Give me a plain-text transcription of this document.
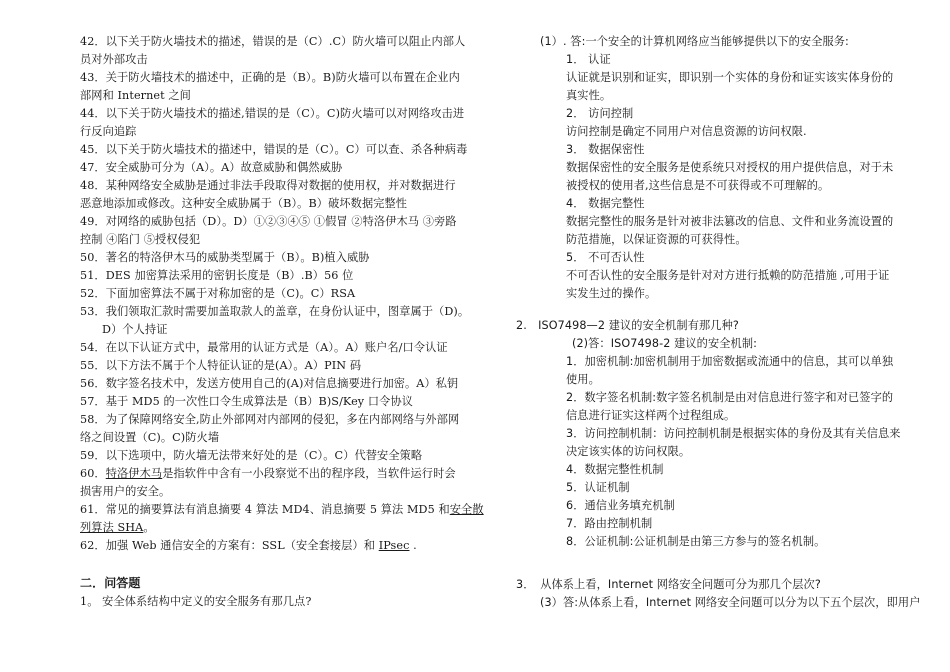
42．以下关于防火墙技术的描述，错误的是（C）.C）防火墙可以阻止内部人
员对外部攻击
43．关于防火墙技术的描述中，正确的是（B）。B)防火墙可以布置在企业内
部网和 Internet 之间
44．以下关于防火墙技术的描述,错误的是（C）。C)防火墙可以对网络攻击进
行反向追踪
45．以下关于防火墙技术的描述中，错误的是（C）。C）可以查、杀各种病毒
47．安全威胁可分为（A）。A）故意威胁和偶然威胁
48．某种网络安全威胁是通过非法手段取得对数据的使用权，并对数据进行
恶意地添加或修改。这种安全威胁属于（B）。B）破坏数据完整性
49．对网络的威胁包括（D）。D）①②③④⑤ ①假冒 ②特洛伊木马 ③旁路
控制 ④陷门 ⑤授权侵犯
50．著名的特洛伊木马的威胁类型属于（B）。B)植入威胁
51．DES 加密算法采用的密钥长度是（B）.B）56 位
52．下面加密算法不属于对称加密的是（C)。C）RSA
53．我们领取汇款时需要加盖取款人的盖章，在身份认证中，图章属于（D)。
D）个人持证
54．在以下认证方式中，最常用的认证方式是（A）。A）账户名/口令认证
55．以下方法不属于个人特征认证的是(A）。A）PIN 码
56．数字签名技术中，发送方使用自己的(A)对信息摘要进行加密。A）私钥
57．基于 MD5 的一次性口令生成算法是（B）B)S/Key 口令协议
58．为了保障网络安全,防止外部网对内部网的侵犯，多在内部网络与外部网
络之间设置（C)。C)防火墙
59．以下选项中，防火墙无法带来好处的是（C）。C）代替安全策略
60．特洛伊木马是指软件中含有一小段察觉不出的程序段，当软件运行时会
损害用户的安全。
61．常见的摘要算法有消息摘要 4 算法 MD4、消息摘要 5 算法 MD5 和安全散
列算法 SHA。
62．加强 Web 通信安全的方案有：SSL（安全套接层）和 IPsec .
二．问答题
1。 安全体系结构中定义的安全服务有那几点?
(1）. 答:一个安全的计算机网络应当能够提供以下的安全服务:
1． 认证
认证就是识别和证实，即识别一个实体的身份和证实该实体身份的
真实性。
2． 访问控制
访问控制是确定不同用户对信息资源的访问权限.
3． 数据保密性
数据保密性的安全服务是使系统只对授权的用户提供信息，对于未
被授权的使用者,这些信息是不可获得或不可理解的。
4． 数据完整性
数据完整性的服务是针对被非法篡改的信息、文件和业务流设置的
防范措施，以保证资源的可获得性。
5． 不可否认性
不可否认性的安全服务是针对对方进行抵赖的防范措施 ,可用于证
实发生过的操作。
2.　ISO7498—2 建议的安全机制有那几种?
(2)答：ISO7498-2 建议的安全机制:
1．加密机制:加密机制用于加密数据或流通中的信息，其可以单独
使用。
2．数字签名机制:数字签名机制是由对信息进行签字和对已签字的
信息进行证实这样两个过程组成。
3．访问控制机制：访问控制机制是根据实体的身份及其有关信息来
决定该实体的访问权限。
4．数据完整性机制
5．认证机制
6．通信业务填充机制
7．路由控制机制
8．公证机制:公证机制是由第三方参与的签名机制。
3．　从体系上看，Internet 网络安全问题可分为那几个层次?
(3）答:从体系上看，Internet 网络安全问题可以分为以下五个层次，即用户
